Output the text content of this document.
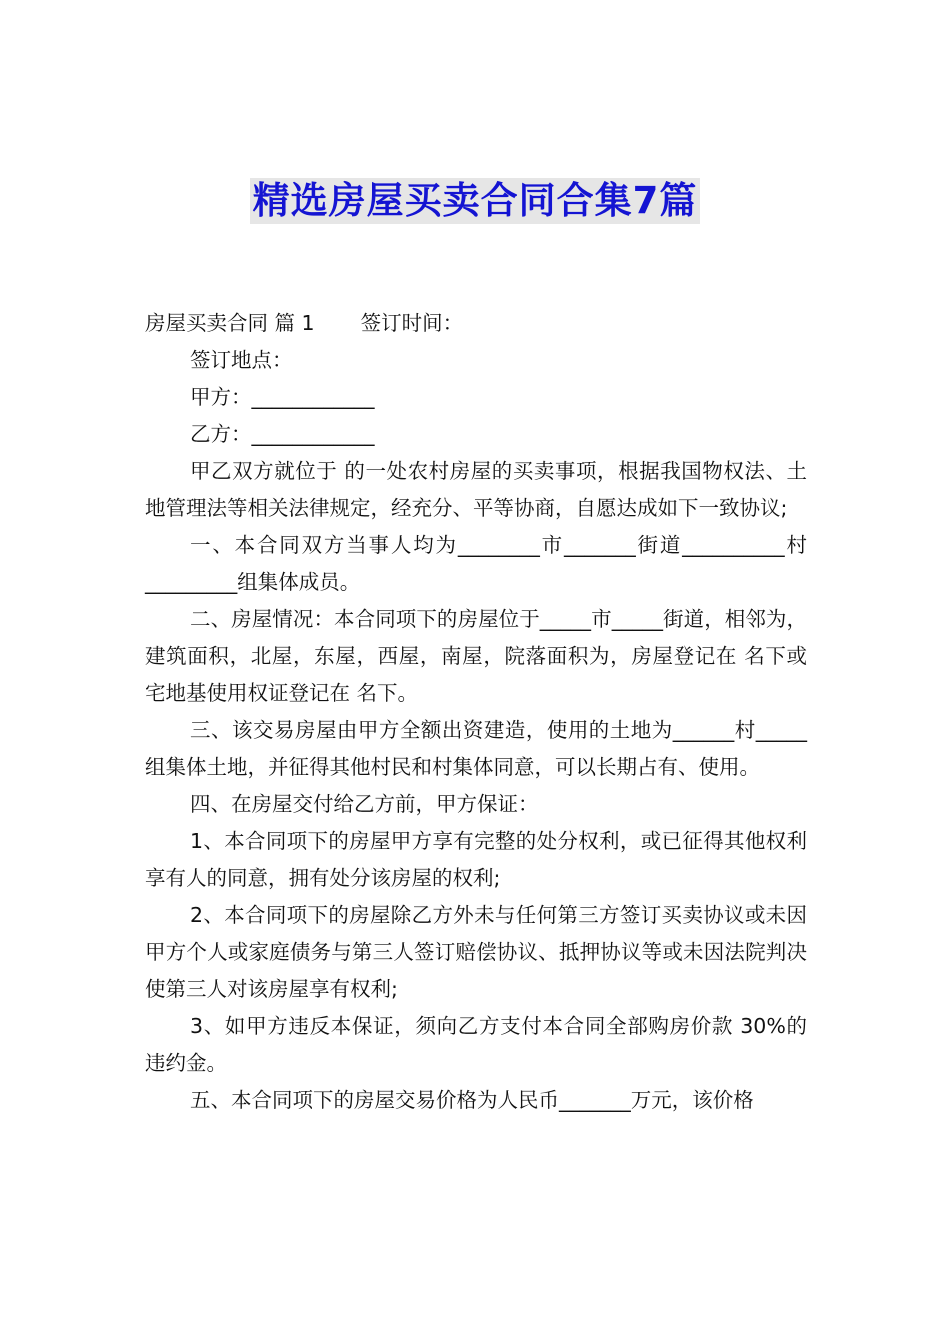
精选房屋买卖合同合集7篇

房屋买卖合同 篇 1 签订时间：

签订地点：

甲方：____________

乙方：____________

甲乙双方就位于 的一处农村房屋的买卖事项，根据我国物权法、土地管理法等相关法律规定，经充分、平等协商，自愿达成如下一致协议;

一、本合同双方当事人均为________市_______街道__________村_________组集体成员。

二、房屋情况：本合同项下的房屋位于_____市_____街道，相邻为，建筑面积，北屋，东屋，西屋，南屋，院落面积为，房屋登记在 名下或宅地基使用权证登记在 名下。

三、该交易房屋由甲方全额出资建造，使用的土地为______村_____组集体土地，并征得其他村民和村集体同意，可以长期占有、使用。

四、在房屋交付给乙方前，甲方保证：

1、本合同项下的房屋甲方享有完整的处分权利，或已征得其他权利享有人的同意，拥有处分该房屋的权利;

2、本合同项下的房屋除乙方外未与任何第三方签订买卖协议或未因甲方个人或家庭债务与第三人签订赔偿协议、抵押协议等或未因法院判决使第三人对该房屋享有权利;

3、如甲方违反本保证，须向乙方支付本合同全部购房价款 30%的违约金。

五、本合同项下的房屋交易价格为人民币_______万元，该价格
